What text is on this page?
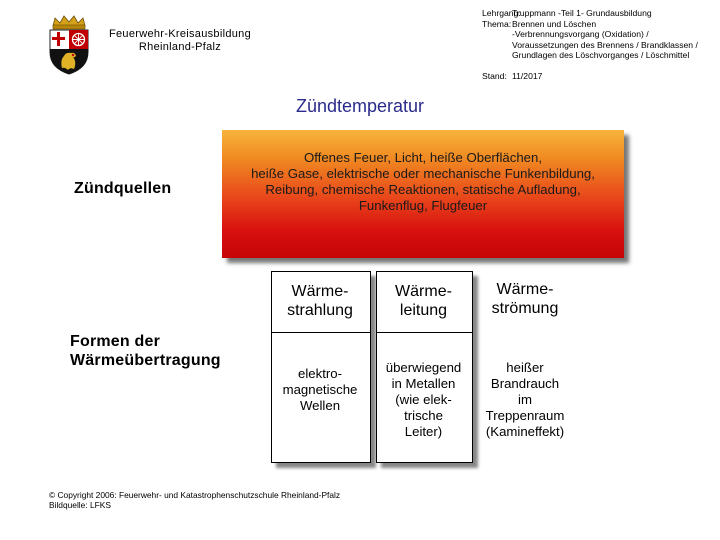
Feuerwehr-Kreisausbildung
Rheinland-Pfalz
Lehrgang:
Thema:

Stand:
Truppmann -Teil 1- Grundausbildung
Brennen und Löschen
-Verbrennungsvorgang (Oxidation) /
Voraussetzungen des Brennens / Brandklassen /
Grundlagen des Löschvorganges / Löschmittel

11/2017
Zündtemperatur
Zündquellen
Offenes Feuer, Licht, heiße Oberflächen,
heiße Gase, elektrische oder mechanische Funkenbildung,
Reibung, chemische Reaktionen, statische Aufladung,
Funkenflug, Flugfeuer
Formen der
Wärmeübertragung
Wärme-
strahlung
Wärme-
leitung
Wärme-
strömung
elektro-
magnetische
Wellen
überwiegend
in Metallen
(wie elek-
trische
Leiter)
heißer
Brandrauch
im
Treppenraum
(Kamineffekt)
© Copyright 2006: Feuerwehr- und Katastrophenschutzschule Rheinland-Pfalz
Bildquelle: LFKS
